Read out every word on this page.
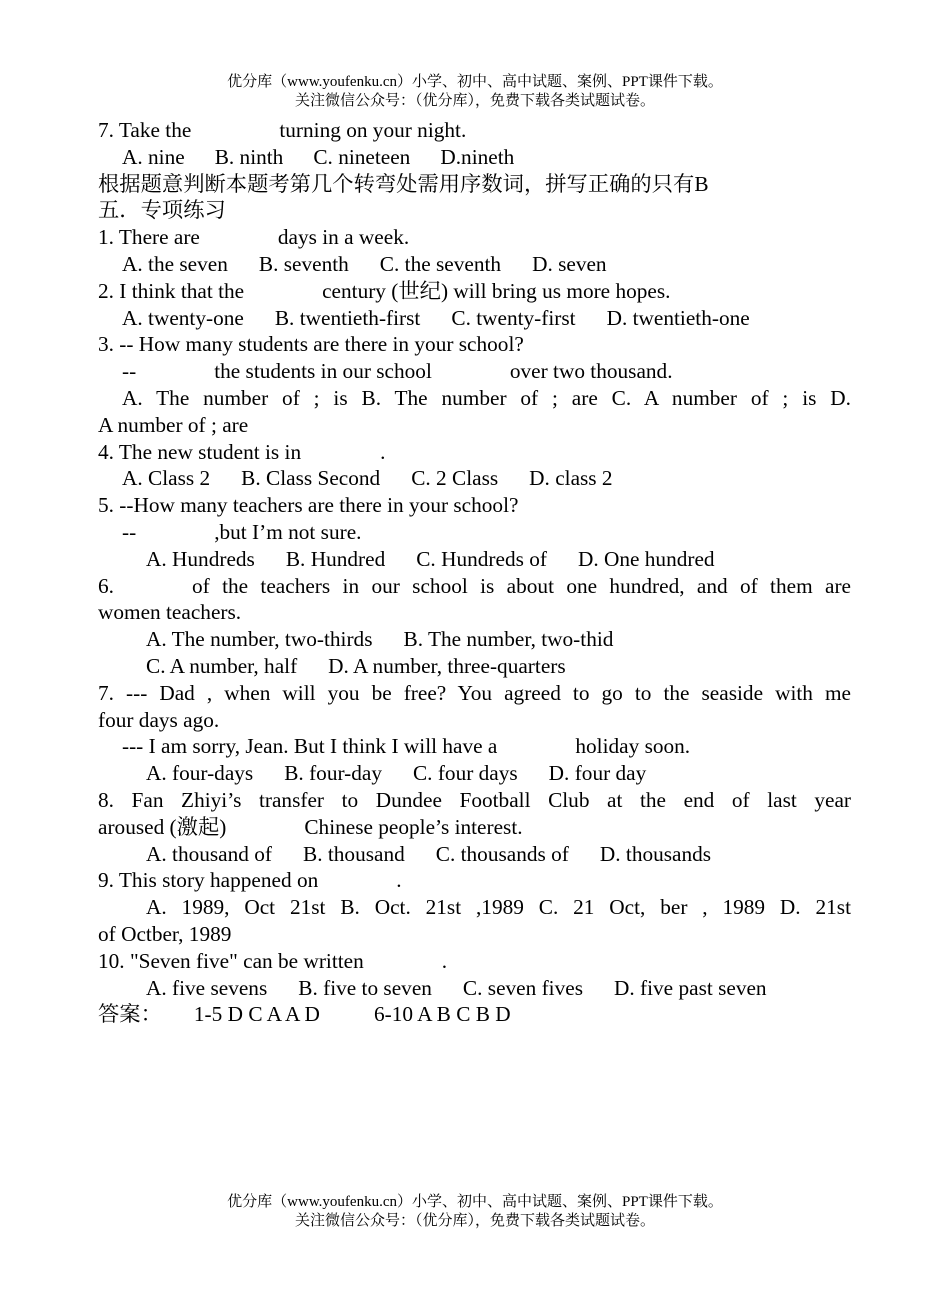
优分库（www.youfenku.cn）小学、初中、高中试题、案例、PPT课件下载。
关注微信公众号：（优分库），免费下载各类试题试卷。
7. Take the	turning on your night.
A. nine B. ninth C. nineteen D.nineth
根据题意判断本题考第几个转弯处需用序数词，拼写正确的只有B
五．专项练习
1. There are	days in a week.
A. the seven B. seventh C. the seventh D. seven
2. I think that the	century (世纪) will bring us more hopes.
A. twenty-one B. twentieth-first C. twenty-first D. twentieth-one
3. -- How many students are there in your school?
--	the students in our school	over two thousand.
A. The number of ; is B. The number of ; are C. A number of ; is D.
A number of ; are
4. The new student is in	.
A. Class 2 B. Class Second C. 2 Class D. class 2
5. --How many teachers are there in your school?
--	,but I’m not sure.
A. Hundreds B. Hundred C. Hundreds of D. One hundred
6.	of the teachers in our school is about one hundred, and of them are
women teachers.
A. The number, two-thirds B. The number, two-thid
C. A number, half D. A number, three-quarters
7. --- Dad , when will you be free? You agreed to go to the seaside with me
four days ago.
--- I am sorry, Jean. But I think I will have a	holiday soon.
A. four-days B. four-day C. four days D. four day
8. Fan Zhiyi’s transfer to Dundee Football Club at the end of last year
aroused (激起)	Chinese people’s interest.
A. thousand of B. thousand C. thousands of D. thousands
9. This story happened on	.
A. 1989, Oct 21st B. Oct. 21st ,1989 C. 21 Oct, ber , 1989 D. 21st
of Octber, 1989
10. "Seven five" can be written	.
A. five sevens B. five to seven C. seven fives D. five past seven
答案： 1-5 D C A A D	6-10 A B C B D
优分库（www.youfenku.cn）小学、初中、高中试题、案例、PPT课件下载。
关注微信公众号：（优分库），免费下载各类试题试卷。
